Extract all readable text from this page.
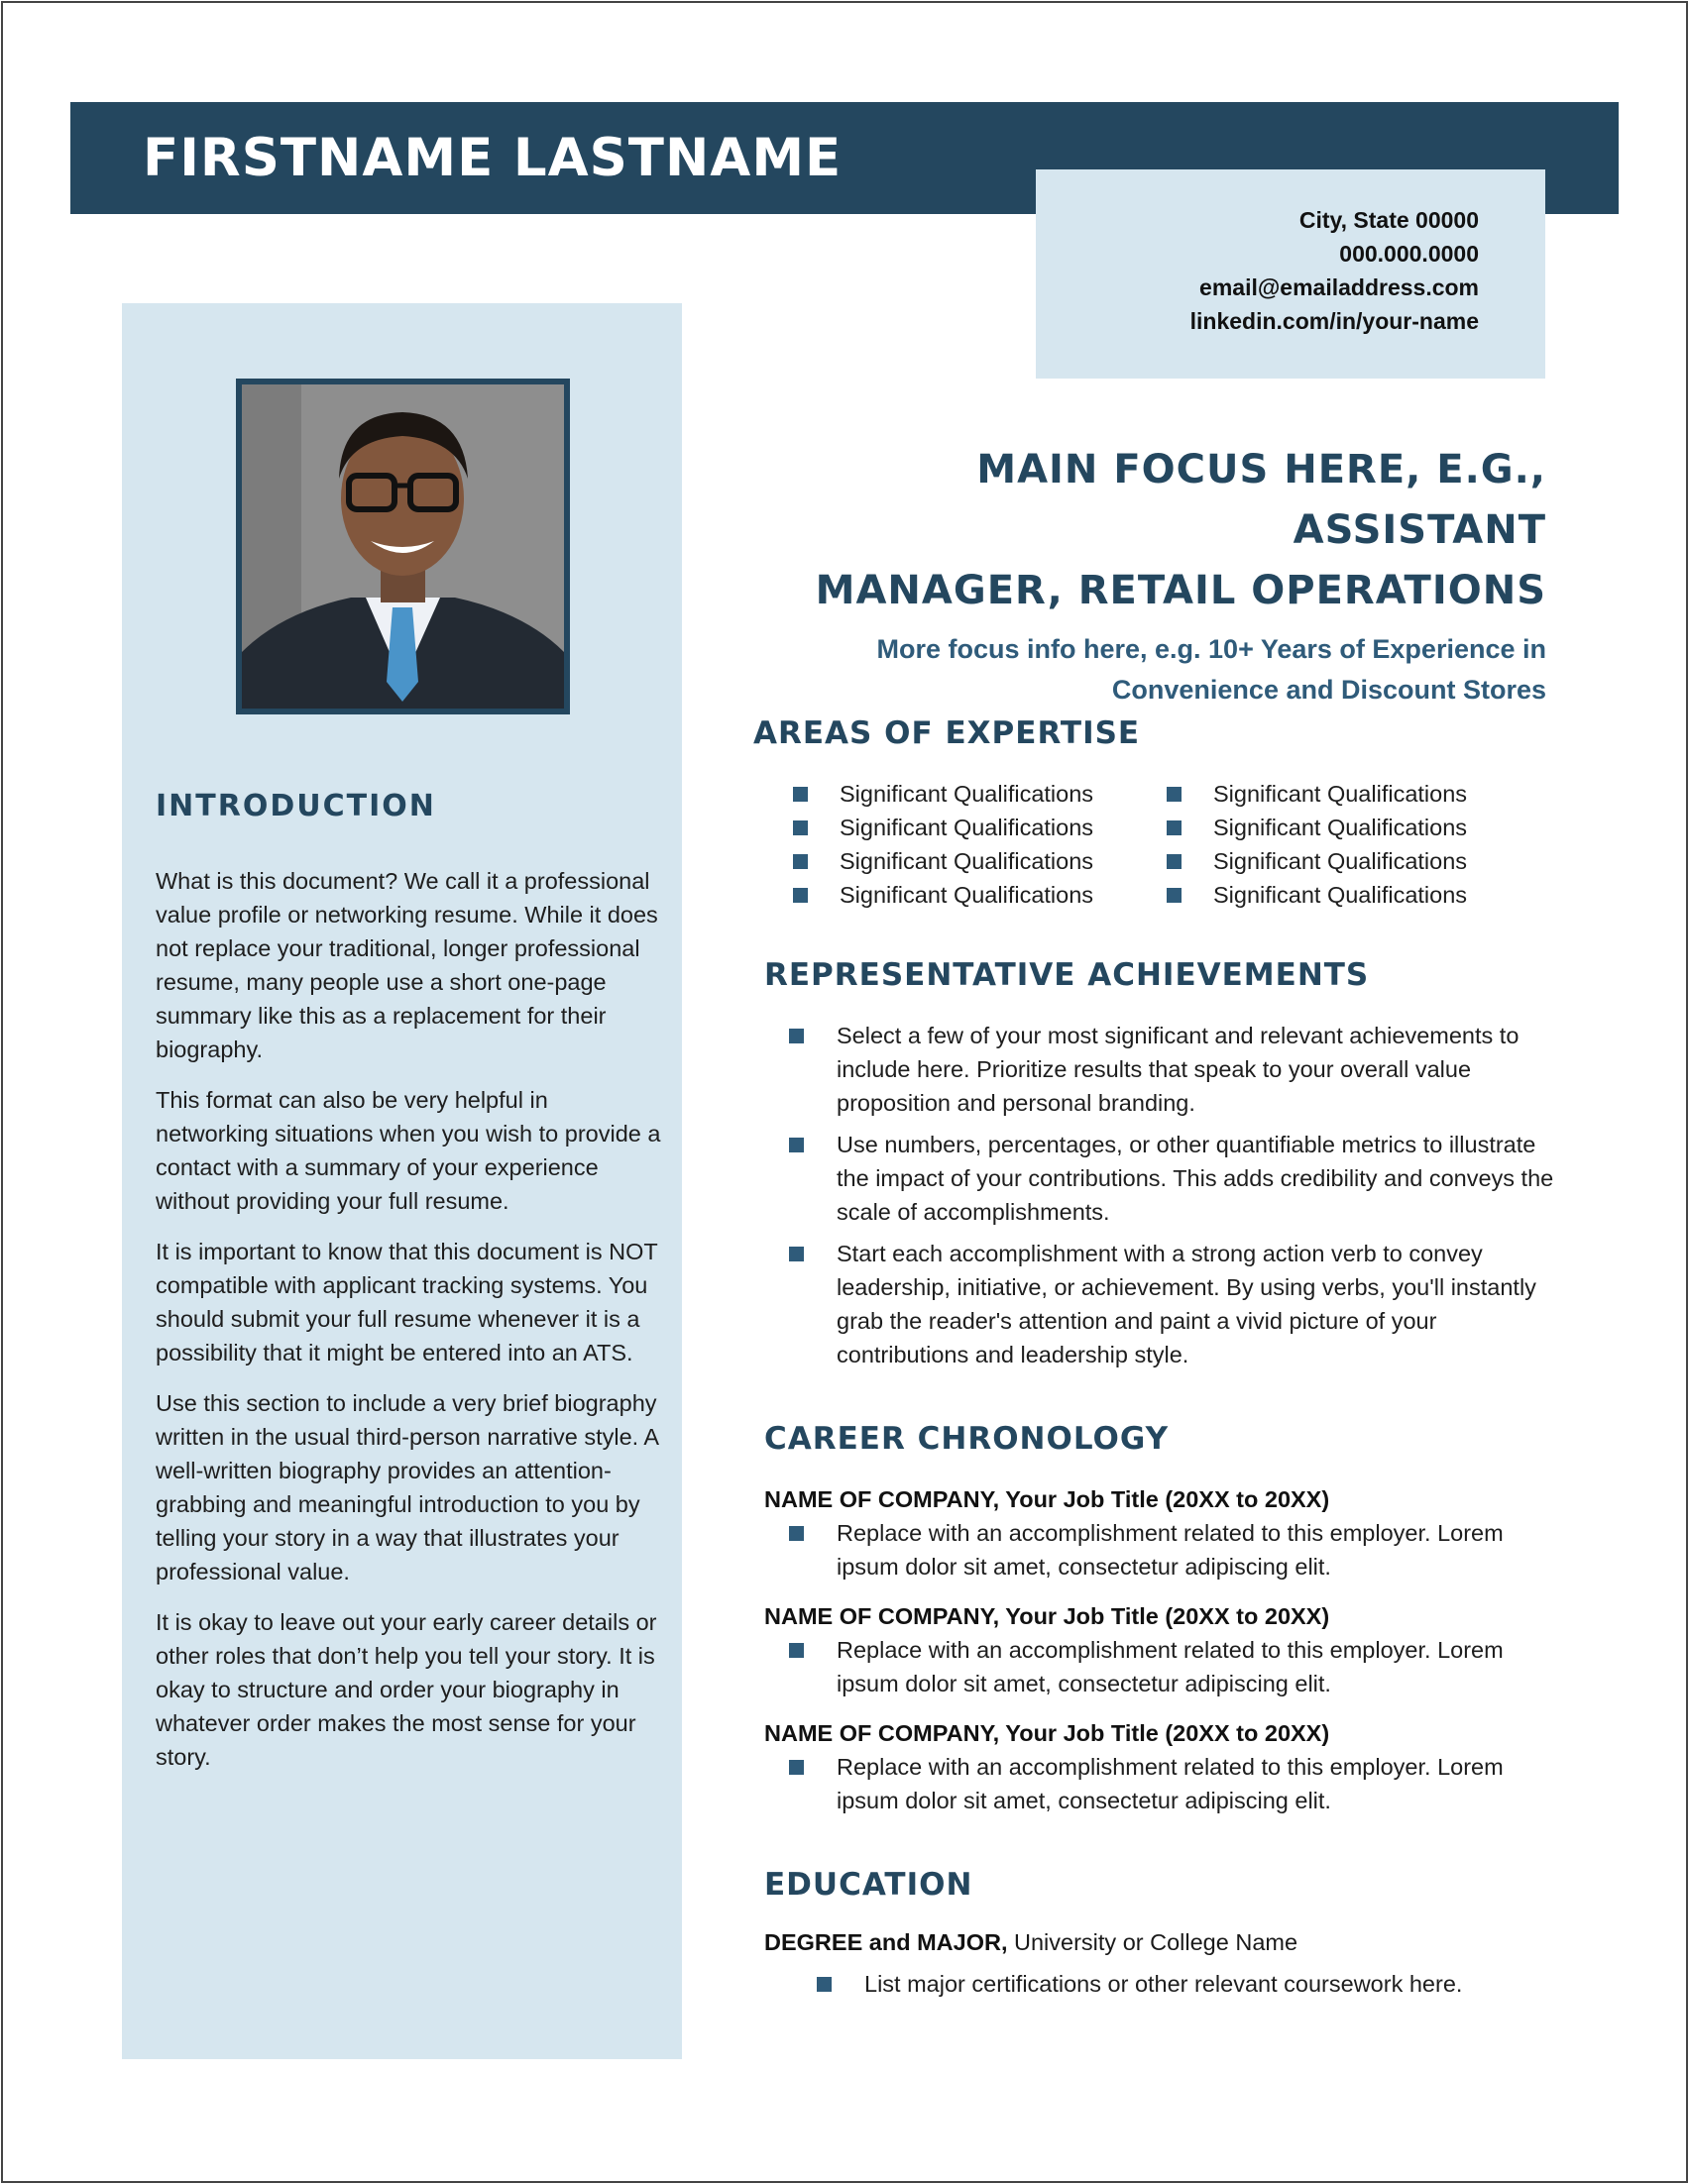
FIRSTNAME LASTNAME
City, State 00000
000.000.0000
email@emailaddress.com
linkedin.com/in/your-name
INTRODUCTION

What is this document? We call it a professional value profile or networking resume. While it does not replace your traditional, longer professional resume, many people use a short one-page summary like this as a replacement for their biography.

This format can also be very helpful in networking situations when you wish to provide a contact with a summary of your experience without providing your full resume.

It is important to know that this document is NOT compatible with applicant tracking systems. You should submit your full resume whenever it is a possibility that it might be entered into an ATS.

Use this section to include a very brief biography written in the usual third-person narrative style. A well-written biography provides an attention-grabbing and meaningful introduction to you by telling your story in a way that illustrates your professional value.

It is okay to leave out your early career details or other roles that don’t help you tell your story. It is okay to structure and order your biography in whatever order makes the most sense for your story.

MAIN FOCUS HERE, E.G., ASSISTANT
MANAGER, RETAIL OPERATIONS
More focus info here, e.g. 10+ Years of Experience in
Convenience and Discount Stores
AREAS OF EXPERTISE
Significant Qualifications
Significant Qualifications
Significant Qualifications
Significant Qualifications
Significant Qualifications
Significant Qualifications
Significant Qualifications
Significant Qualifications
REPRESENTATIVE ACHIEVEMENTS
Select a few of your most significant and relevant achievements to include here. Prioritize results that speak to your overall value proposition and personal branding.
Use numbers, percentages, or other quantifiable metrics to illustrate the impact of your contributions. This adds credibility and conveys the scale of accomplishments.
Start each accomplishment with a strong action verb to convey leadership, initiative, or achievement. By using verbs, you'll instantly grab the reader's attention and paint a vivid picture of your contributions and leadership style.
CAREER CHRONOLOGY
NAME OF COMPANY, Your Job Title (20XX to 20XX)
Replace with an accomplishment related to this employer. Lorem ipsum dolor sit amet, consectetur adipiscing elit.
NAME OF COMPANY, Your Job Title (20XX to 20XX)
Replace with an accomplishment related to this employer. Lorem ipsum dolor sit amet, consectetur adipiscing elit.
NAME OF COMPANY, Your Job Title (20XX to 20XX)
Replace with an accomplishment related to this employer. Lorem ipsum dolor sit amet, consectetur adipiscing elit.
EDUCATION
DEGREE and MAJOR, University or College Name
List major certifications or other relevant coursework here.
